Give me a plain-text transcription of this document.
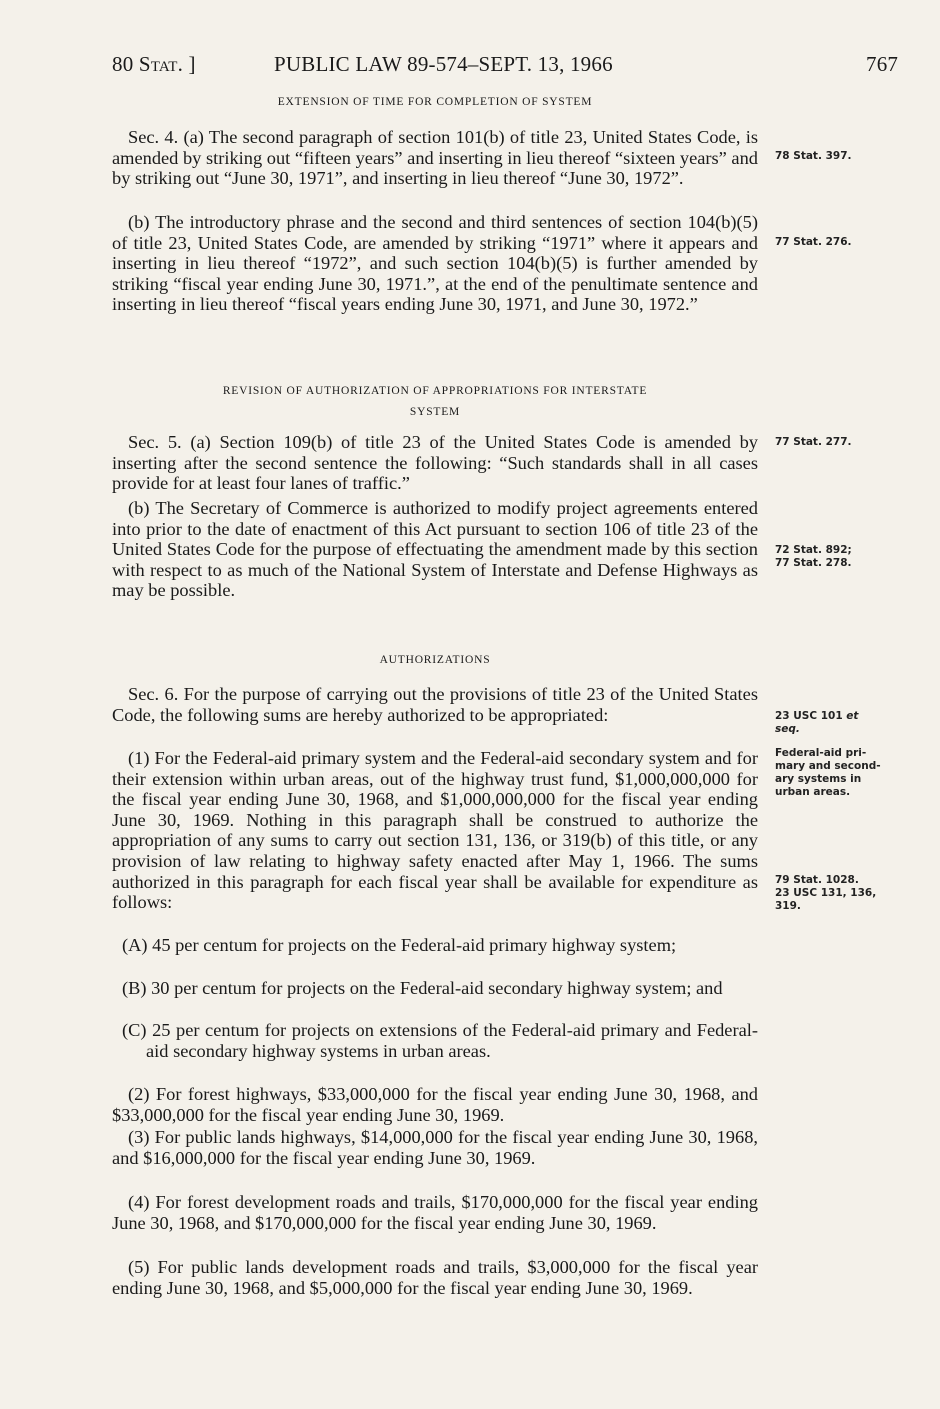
80 Stat. ]	PUBLIC LAW 89-574–SEPT. 13, 1966	767
EXTENSION OF TIME FOR COMPLETION OF SYSTEM

Sec. 4. (a) The second paragraph of section 101(b) of title 23, United States Code, is amended by striking out “fifteen years” and inserting in lieu thereof “sixteen years” and by striking out “June 30, 1971”, and inserting in lieu thereof “June 30, 1972”.

(b) The introductory phrase and the second and third sentences of section 104(b)(5) of title 23, United States Code, are amended by striking “1971” where it appears and inserting in lieu thereof “1972”, and such section 104(b)(5) is further amended by striking “fiscal year ending June 30, 1971.”, at the end of the penultimate sentence and inserting in lieu thereof “fiscal years ending June 30, 1971, and June 30, 1972.”

REVISION OF AUTHORIZATION OF APPROPRIATIONS FOR INTERSTATE
SYSTEM

Sec. 5. (a) Section 109(b) of title 23 of the United States Code is amended by inserting after the second sentence the following: “Such standards shall in all cases provide for at least four lanes of traffic.”

(b) The Secretary of Commerce is authorized to modify project agreements entered into prior to the date of enactment of this Act pursuant to section 106 of title 23 of the United States Code for the purpose of effectuating the amendment made by this section with respect to as much of the National System of Interstate and Defense Highways as may be possible.

AUTHORIZATIONS

Sec. 6. For the purpose of carrying out the provisions of title 23 of the United States Code, the following sums are hereby authorized to be appropriated:

(1) For the Federal-aid primary system and the Federal-aid secondary system and for their extension within urban areas, out of the highway trust fund, $1,000,000,000 for the fiscal year ending June 30, 1968, and $1,000,000,000 for the fiscal year ending June 30, 1969. Nothing in this paragraph shall be construed to authorize the appropriation of any sums to carry out section 131, 136, or 319(b) of this title, or any provision of law relating to highway safety enacted after May 1, 1966. The sums authorized in this paragraph for each fiscal year shall be available for expenditure as follows:

(A) 45 per centum for projects on the Federal-aid primary highway system;

(B) 30 per centum for projects on the Federal-aid secondary highway system; and

(C) 25 per centum for projects on extensions of the Federal-aid primary and Federal-aid secondary highway systems in urban areas.

(2) For forest highways, $33,000,000 for the fiscal year ending June 30, 1968, and $33,000,000 for the fiscal year ending June 30, 1969.

(3) For public lands highways, $14,000,000 for the fiscal year ending June 30, 1968, and $16,000,000 for the fiscal year ending June 30, 1969.

(4) For forest development roads and trails, $170,000,000 for the fiscal year ending June 30, 1968, and $170,000,000 for the fiscal year ending June 30, 1969.

(5) For public lands development roads and trails, $3,000,000 for the fiscal year ending June 30, 1968, and $5,000,000 for the fiscal year ending June 30, 1969.

78 Stat. 397.
77 Stat. 276.
77 Stat. 277.
72 Stat. 892;
77 Stat. 278.
23 USC 101 et
seq.
Federal-aid pri-
mary and second-
ary systems in
urban areas.
79 Stat. 1028.
23 USC 131, 136,
319.
